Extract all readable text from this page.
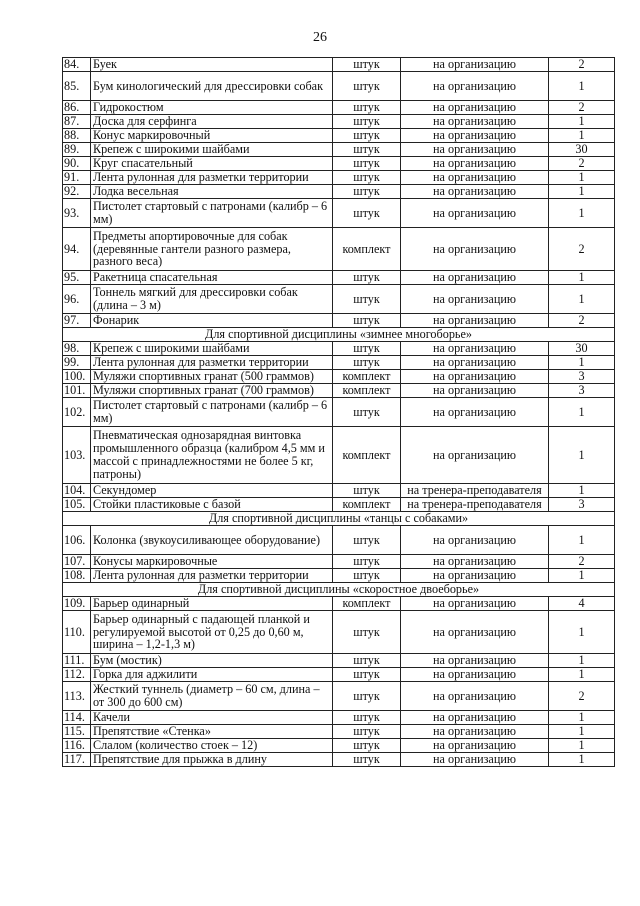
26
84.	Буек	штук	на организацию	2
85.	Бум кинологический для дрессировки собак	штук	на организацию	1
86.	Гидрокостюм	штук	на организацию	2
87.	Доска для серфинга	штук	на организацию	1
88.	Конус маркировочный	штук	на организацию	1
89.	Крепеж с широкими шайбами	штук	на организацию	30
90.	Круг спасательный	штук	на организацию	2
91.	Лента рулонная для разметки территории	штук	на организацию	1
92.	Лодка весельная	штук	на организацию	1
93.	Пистолет стартовый с патронами (калибр – 6 мм)	штук	на организацию	1
94.	Предметы апортировочные для собак (деревянные гантели разного размера, разного веса)	комплект	на организацию	2
95.	Ракетница спасательная	штук	на организацию	1
96.	Тоннель мягкий для дрессировки собак (длина – 3 м)	штук	на организацию	1
97.	Фонарик	штук	на организацию	2
Для спортивной дисциплины «зимнее многоборье»				
98.	Крепеж с широкими шайбами	штук	на организацию	30
99.	Лента рулонная для разметки территории	штук	на организацию	1
100.	Муляжи спортивных гранат (500 граммов)	комплект	на организацию	3
101.	Муляжи спортивных гранат (700 граммов)	комплект	на организацию	3
102.	Пистолет стартовый с патронами (калибр – 6 мм)	штук	на организацию	1
103.	Пневматическая однозарядная винтовка промышленного образца (калибром 4,5 мм и массой с принадлежностями не более 5 кг, патроны)	комплект	на организацию	1
104.	Секундомер	штук	на тренера-преподавателя	1
105.	Стойки пластиковые с базой	комплект	на тренера-преподавателя	3
Для спортивной дисциплины «танцы с собаками»				
106.	Колонка (звукоусиливающее оборудование)	штук	на организацию	1
107.	Конусы маркировочные	штук	на организацию	2
108.	Лента рулонная для разметки территории	штук	на организацию	1
Для спортивной дисциплины «скоростное двоеборье»				
109.	Барьер одинарный	комплект	на организацию	4
110.	Барьер одинарный с падающей планкой и регулируемой высотой от 0,25 до 0,60 м, ширина – 1,2-1,3 м)	штук	на организацию	1
111.	Бум (мостик)	штук	на организацию	1
112.	Горка для аджилити	штук	на организацию	1
113.	Жесткий туннель (диаметр – 60 см, длина – от 300 до 600 см)	штук	на организацию	2
114.	Качели	штук	на организацию	1
115.	Препятствие «Стенка»	штук	на организацию	1
116.	Слалом (количество стоек – 12)	штук	на организацию	1
117.	Препятствие для прыжка в длину	штук	на организацию	1
